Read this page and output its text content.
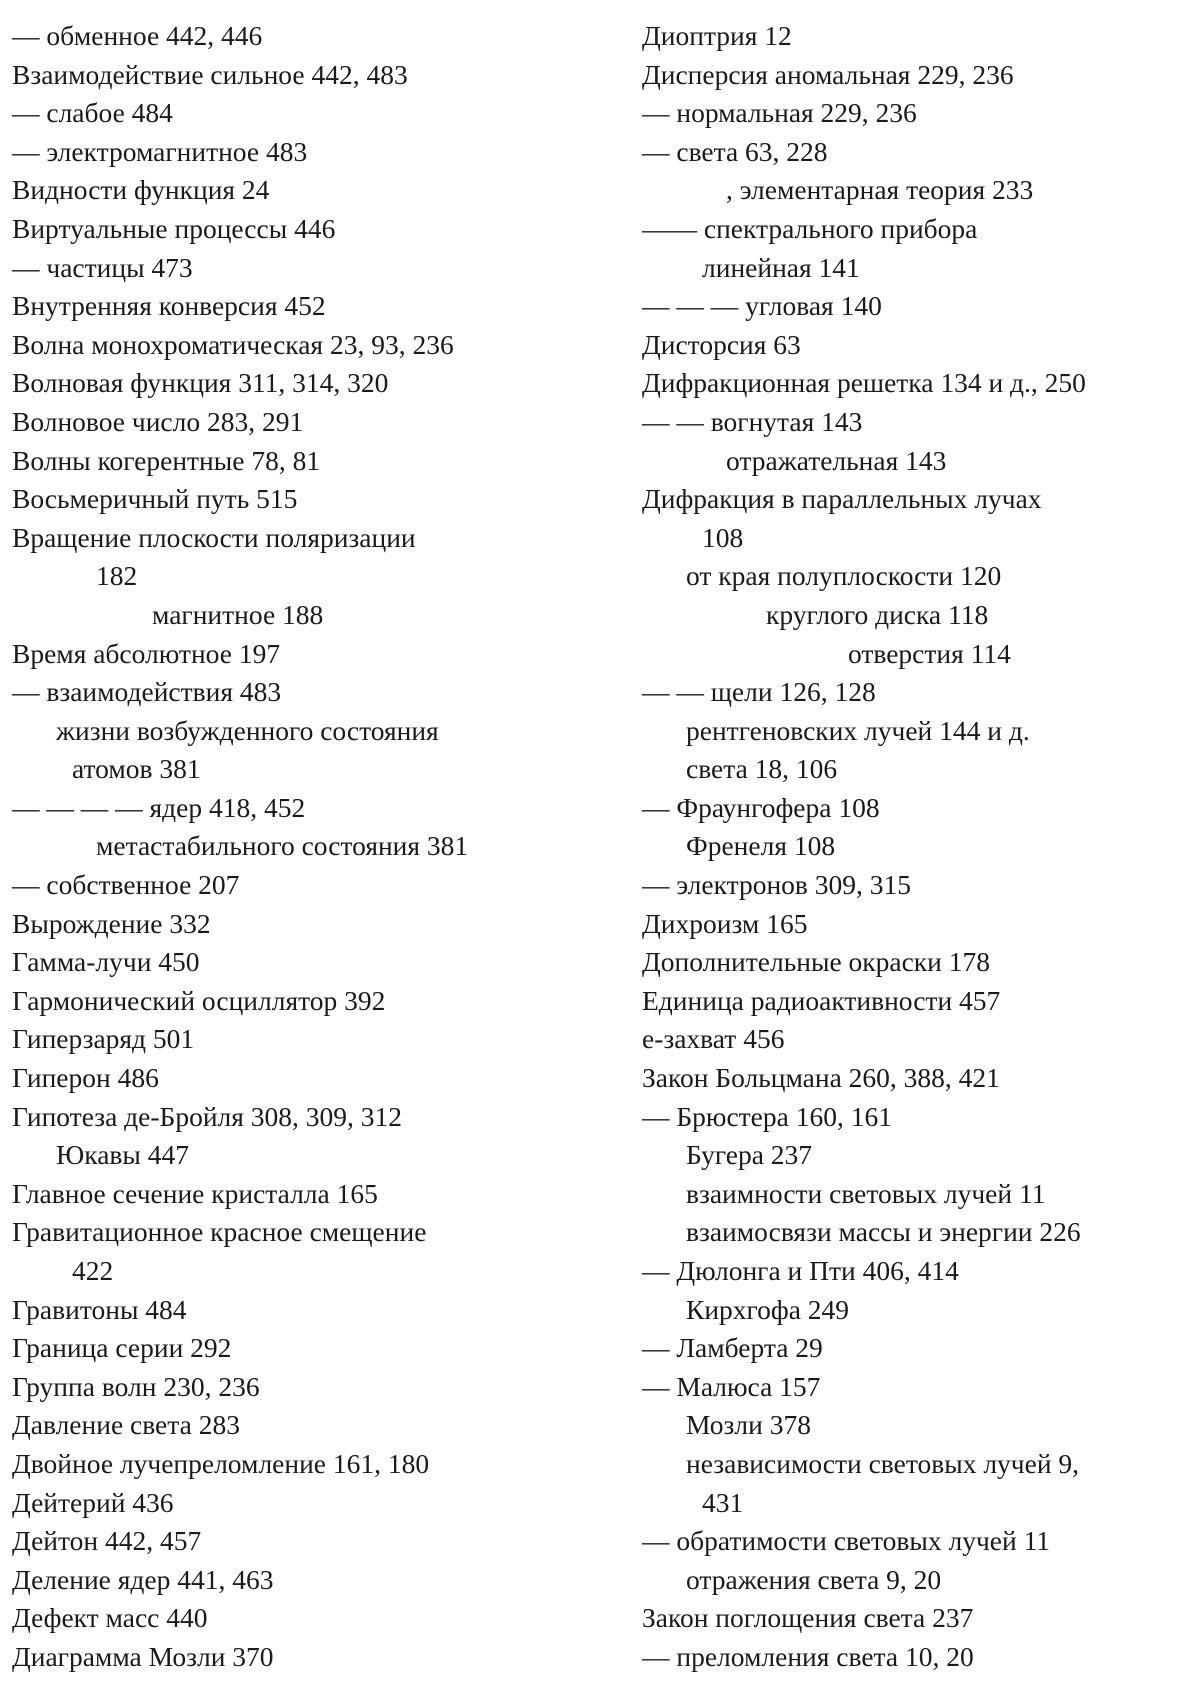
— обменное 442, 446
Взаимодействие сильное 442, 483
— слабое 484
— электромагнитное 483
Видности функция 24
Виртуальные процессы 446
— частицы 473
Внутренняя конверсия 452
Волна монохроматическая 23, 93, 236
Волновая функция 311, 314, 320
Волновое число 283, 291
Волны когерентные 78, 81
Восьмеричный путь 515
Вращение плоскости поляризации
182
магнитное 188
Время абсолютное 197
— взаимодействия 483
жизни возбужденного состояния
атомов 381
— — — — ядер 418, 452
метастабильного состояния 381
— собственное 207
Вырождение 332
Гамма-лучи 450
Гармонический осциллятор 392
Гиперзаряд 501
Гиперон 486
Гипотеза де-Бройля 308, 309, 312
Юкавы 447
Главное сечение кристалла 165
Гравитационное красное смещение
422
Гравитоны 484
Граница серии 292
Группа волн 230, 236
Давление света 283
Двойное лучепреломление 161, 180
Дейтерий 436
Дейтон 442, 457
Деление ядер 441, 463
Дефект масс 440
Диаграмма Мозли 370
Диоптрия 12
Дисперсия аномальная 229, 236
— нормальная 229, 236
— света 63, 228
, элементарная теория 233
—— спектрального прибора
линейная 141
— — — угловая 140
Дисторсия 63
Дифракционная решетка 134 и д., 250
— — вогнутая 143
отражательная 143
Дифракция в параллельных лучах
108
от края полуплоскости 120
круглого диска 118
отверстия 114
— — щели 126, 128
рентгеновских лучей 144 и д.
света 18, 106
— Фраунгофера 108
Френеля 108
— электронов 309, 315
Дихроизм 165
Дополнительные окраски 178
Единица радиоактивности 457
е-захват 456
Закон Больцмана 260, 388, 421
— Брюстера 160, 161
Бугера 237
взаимности световых лучей 11
взаимосвязи массы и энергии 226
— Дюлонга и Пти 406, 414
Кирхгофа 249
— Ламберта 29
— Малюса 157
Мозли 378
независимости световых лучей 9,
431
— обратимости световых лучей 11
отражения света 9, 20
Закон поглощения света 237
— преломления света 10, 20
